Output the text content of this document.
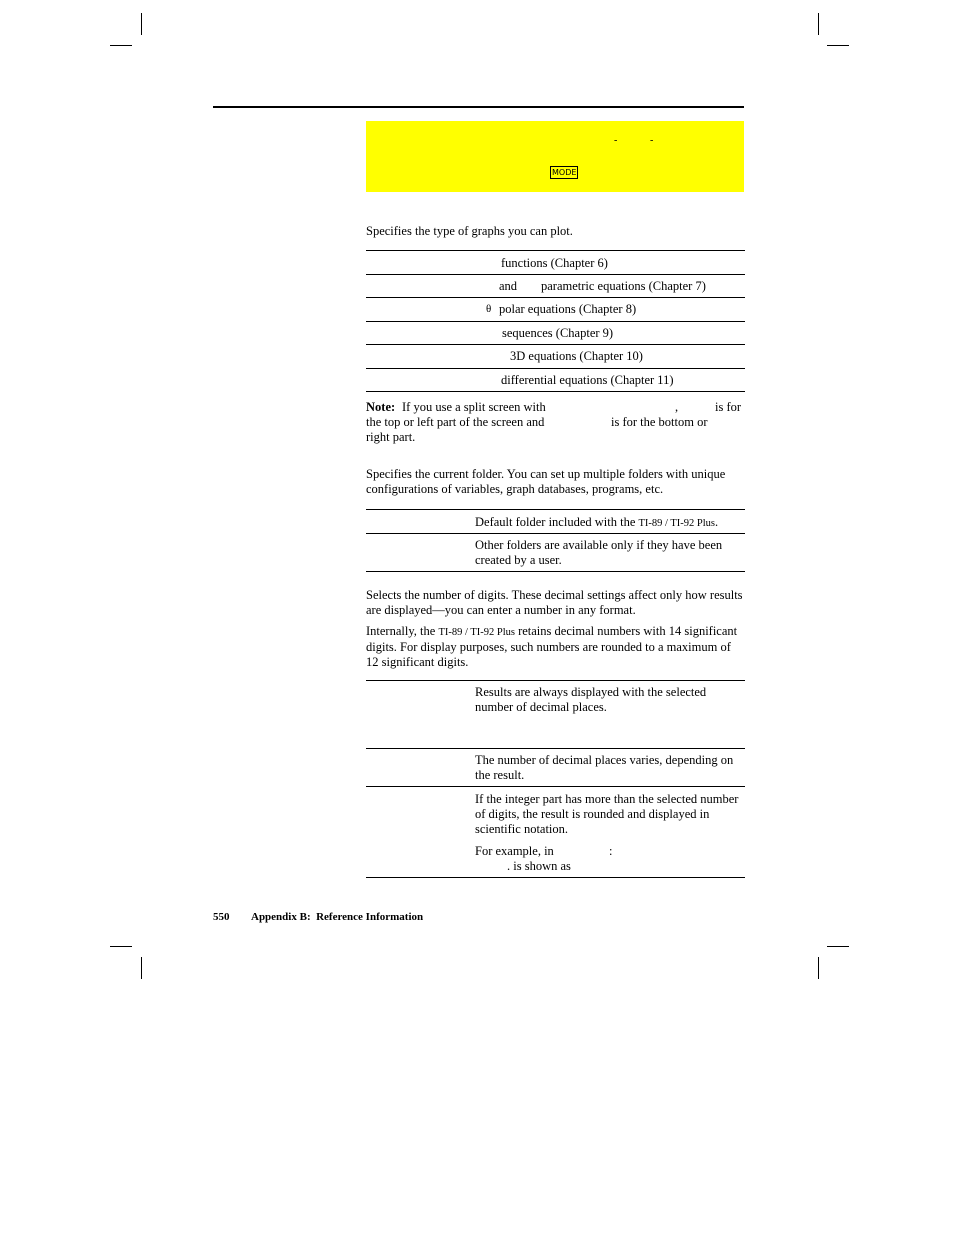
-	-
MODE
Specifies the type of graphs you can plot.
functions (Chapter 6)
and parametric equations (Chapter 7)
θ polar equations (Chapter 8)
sequences (Chapter 9)
3D equations (Chapter 10)
differential equations (Chapter 11)
Note: If you use a split screen with	,	is for
the top or left part of the screen and	is for the bottom or
right part.
Specifies the current folder. You can set up multiple folders with unique configurations of variables, graph databases, programs, etc.
Default folder included with the TI-89 / TI-92 Plus.
Other folders are available only if they have been created by a user.
Selects the number of digits. These decimal settings affect only how results are displayed—you can enter a number in any format.
Internally, the TI-89 / TI-92 Plus retains decimal numbers with 14 significant digits. For display purposes, such numbers are rounded to a maximum of 12 significant digits.
Results are always displayed with the selected number of decimal places.
The number of decimal places varies, depending on the result.
If the integer part has more than the selected number of digits, the result is rounded and displayed in scientific notation.
For example, in	:
. is shown as
550 Appendix B:  Reference Information
